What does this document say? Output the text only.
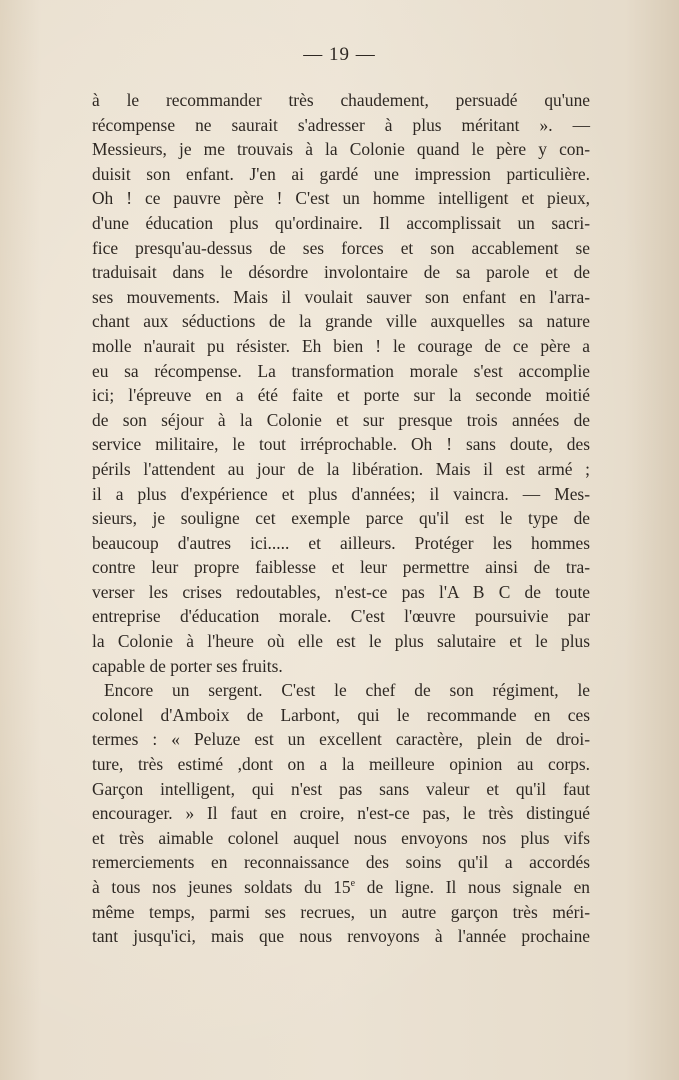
— 19 —
à le recommander très chaudement, persuadé qu'une
récompense ne saurait s'adresser à plus méritant ». —
Messieurs, je me trouvais à la Colonie quand le père y con-
duisit son enfant. J'en ai gardé une impression particulière.
Oh ! ce pauvre père ! C'est un homme intelligent et pieux,
d'une éducation plus qu'ordinaire. Il accomplissait un sacri-
fice presqu'au-dessus de ses forces et son accablement se
traduisait dans le désordre involontaire de sa parole et de
ses mouvements. Mais il voulait sauver son enfant en l'arra-
chant aux séductions de la grande ville auxquelles sa nature
molle n'aurait pu résister. Eh bien ! le courage de ce père a
eu sa récompense. La transformation morale s'est accomplie
ici; l'épreuve en a été faite et porte sur la seconde moitié
de son séjour à la Colonie et sur presque trois années de
service militaire, le tout irréprochable. Oh ! sans doute, des
périls l'attendent au jour de la libération. Mais il est armé ;
il a plus d'expérience et plus d'années; il vaincra. — Mes-
sieurs, je souligne cet exemple parce qu'il est le type de
beaucoup d'autres ici..... et ailleurs. Protéger les hommes
contre leur propre faiblesse et leur permettre ainsi de tra-
verser les crises redoutables, n'est-ce pas l'A B C de toute
entreprise d'éducation morale. C'est l'œuvre poursuivie par
la Colonie à l'heure où elle est le plus salutaire et le plus
capable de porter ses fruits.
Encore un sergent. C'est le chef de son régiment, le
colonel d'Amboix de Larbont, qui le recommande en ces
termes : « Peluze est un excellent caractère, plein de droi-
ture, très estimé ,dont on a la meilleure opinion au corps.
Garçon intelligent, qui n'est pas sans valeur et qu'il faut
encourager. » Il faut en croire, n'est-ce pas, le très distingué
et très aimable colonel auquel nous envoyons nos plus vifs
remerciements en reconnaissance des soins qu'il a accordés
à tous nos jeunes soldats du 15e de ligne. Il nous signale en
même temps, parmi ses recrues, un autre garçon très méri-
tant jusqu'ici, mais que nous renvoyons à l'année prochaine
